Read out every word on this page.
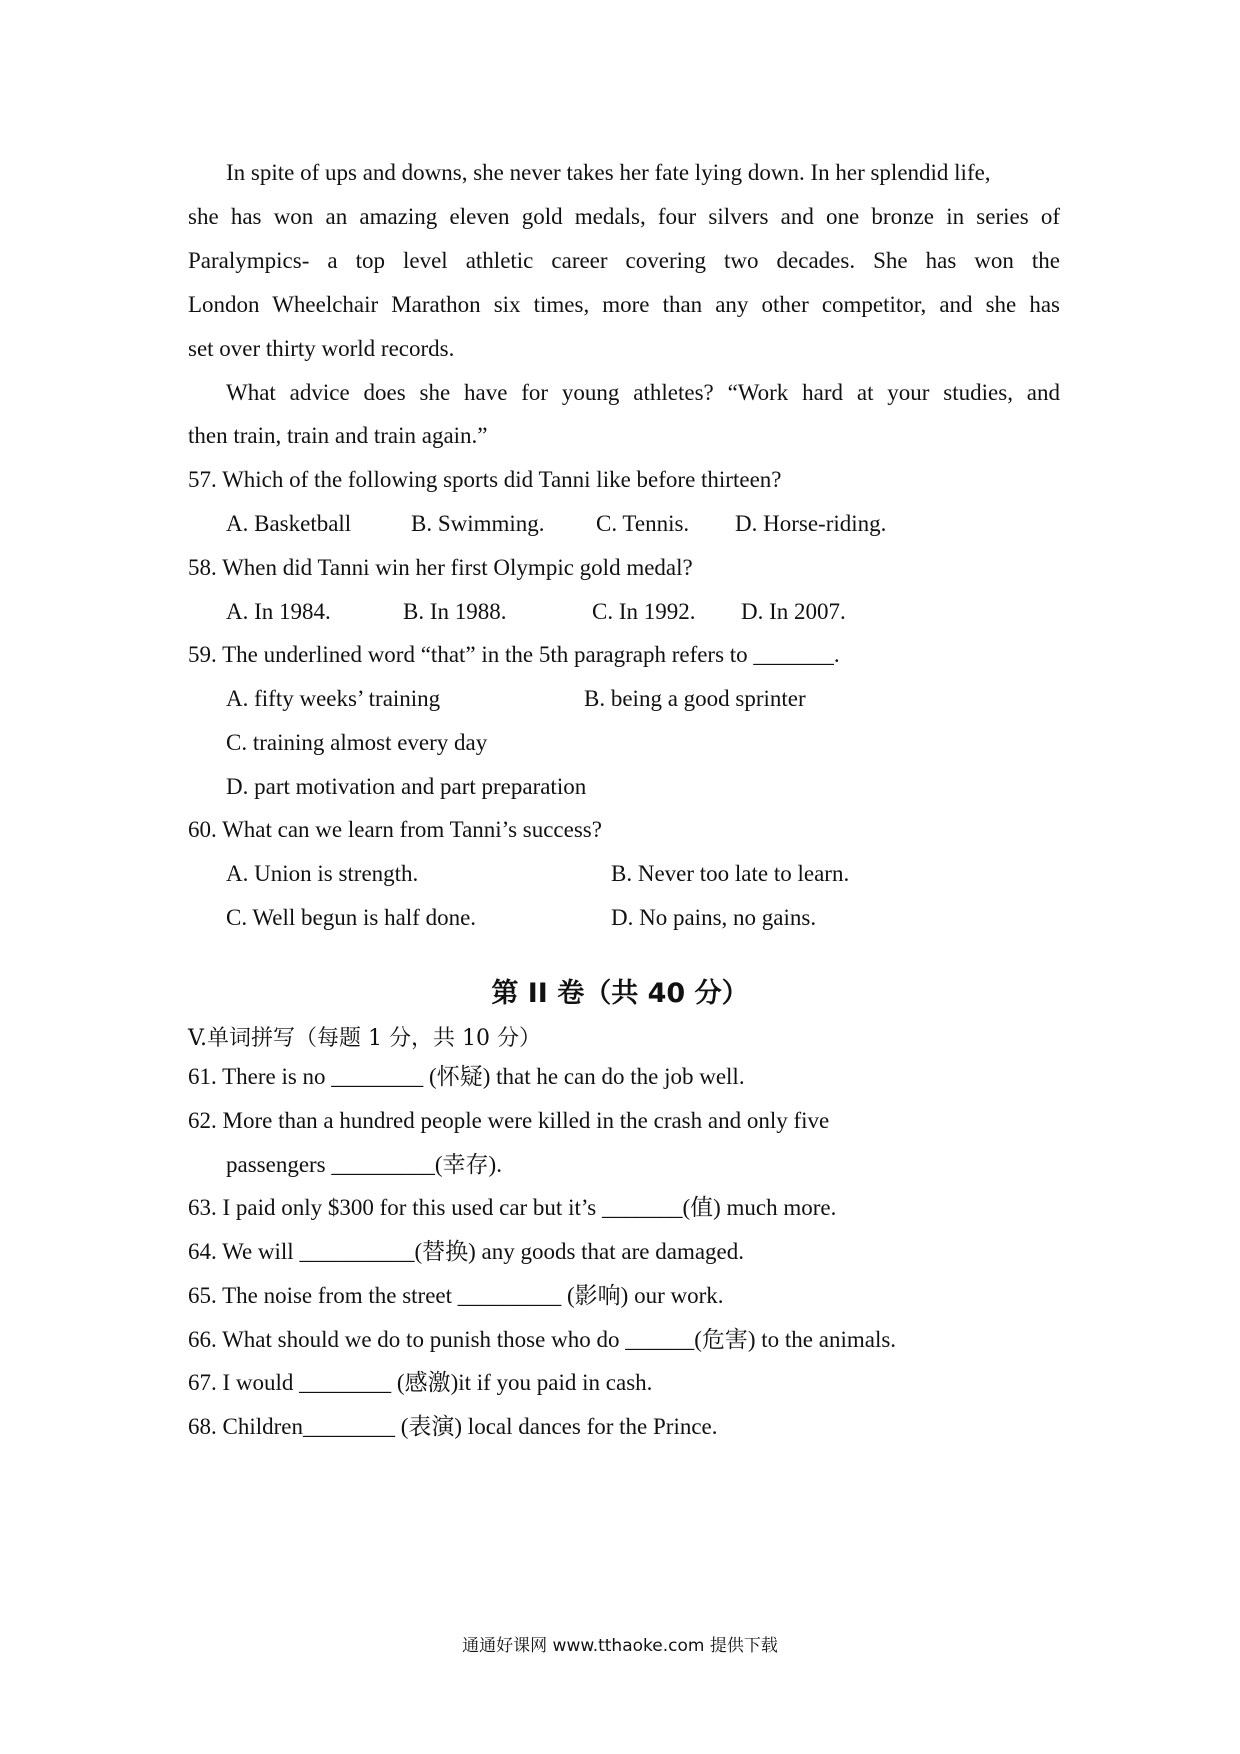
In spite of ups and downs, she never takes her fate lying down. In her splendid life,
she has won an amazing eleven gold medals, four silvers and one bronze in series of
Paralympics- a top level athletic career covering two decades. She has won the
London Wheelchair Marathon six times, more than any other competitor, and she has
set over thirty world records.
What advice does she have for young athletes? “Work hard at your studies, and
then train, train and train again.”
57. Which of the following sports did Tanni like before thirteen?
A. Basketball	B. Swimming. C. Tennis. D. Horse-riding.
58. When did Tanni win her first Olympic gold medal?
A. In 1984.	B. In 1988.	C. In 1992. D. In 2007.
59. The underlined word “that” in the 5th paragraph refers to _______.
A. fifty weeks’ training	B. being a good sprinter
C. training almost every day
D. part motivation and part preparation
60. What can we learn from Tanni’s success?
A. Union is strength.	B. Never too late to learn.
C. Well begun is half done.	D. No pains, no gains.
第 II 卷（共 40 分）
V.单词拼写（每题 1 分，共 10 分）
61. There is no ________ (怀疑) that he can do the job well.
62. More than a hundred people were killed in the crash and only five
passengers _________(幸存).
63. I paid only $300 for this used car but it’s _______(值) much more.
64. We will __________(替换) any goods that are damaged.
65. The noise from the street _________ (影响) our work.
66. What should we do to punish those who do ______(危害) to the animals.
67. I would ________ (感激)it if you paid in cash.
68. Children________ (表演) local dances for the Prince.
通通好课网 www.tthaoke.com 提供下载
